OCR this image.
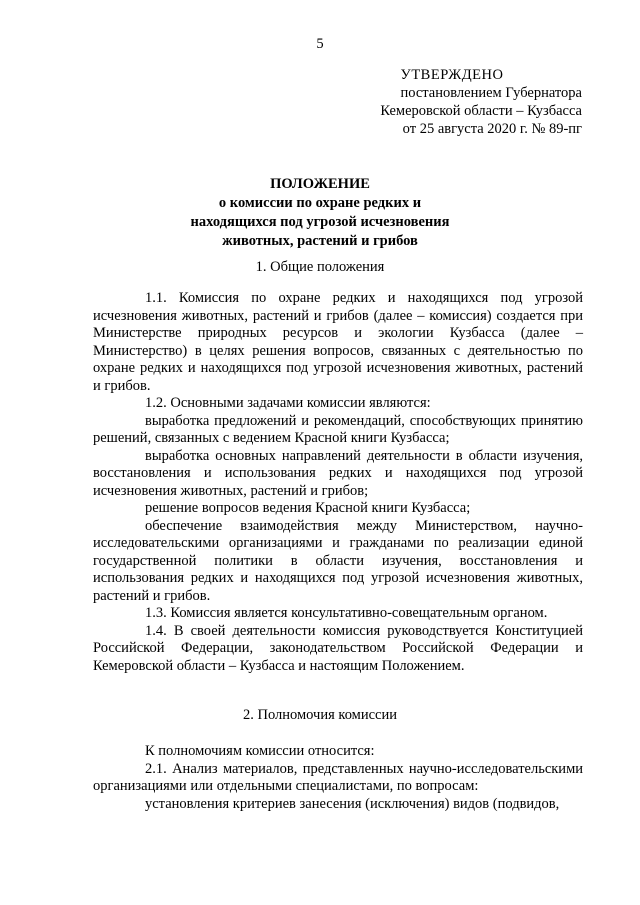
5
УТВЕРЖДЕНО
постановлением Губернатора
Кемеровской области – Кузбасса
от 25 августа 2020 г. № 89-пг
ПОЛОЖЕНИЕ
о комиссии по охране редких и
находящихся под угрозой исчезновения
животных, растений и грибов
1. Общие положения

1.1. Комиссия по охране редких и находящихся под угрозой исчезновения животных, растений и грибов (далее – комиссия) создается при Министерстве природных ресурсов и экологии Кузбасса (далее – Министерство) в целях решения вопросов, связанных с деятельностью по охране редких и находящихся под угрозой исчезновения животных, растений и грибов.

1.2. Основными задачами комиссии являются:

выработка предложений и рекомендаций, способствующих принятию решений, связанных с ведением Красной книги Кузбасса;

выработка основных направлений деятельности в области изучения, восстановления и использования редких и находящихся под угрозой исчезновения животных, растений и грибов;

решение вопросов ведения Красной книги Кузбасса;

обеспечение взаимодействия между Министерством, научно-исследовательскими организациями и гражданами по реализации единой государственной политики в области изучения, восстановления и использования редких и находящихся под угрозой исчезновения животных, растений и грибов.

1.3. Комиссия является консультативно-совещательным органом.

1.4. В своей деятельности комиссия руководствуется Конституцией Российской Федерации, законодательством Российской Федерации и Кемеровской области – Кузбасса и настоящим Положением.

2. Полномочия комиссии

К полномочиям комиссии относится:

2.1. Анализ материалов, представленных научно-исследовательскими организациями или отдельными специалистами, по вопросам:

установления критериев занесения (исключения) видов (подвидов,
